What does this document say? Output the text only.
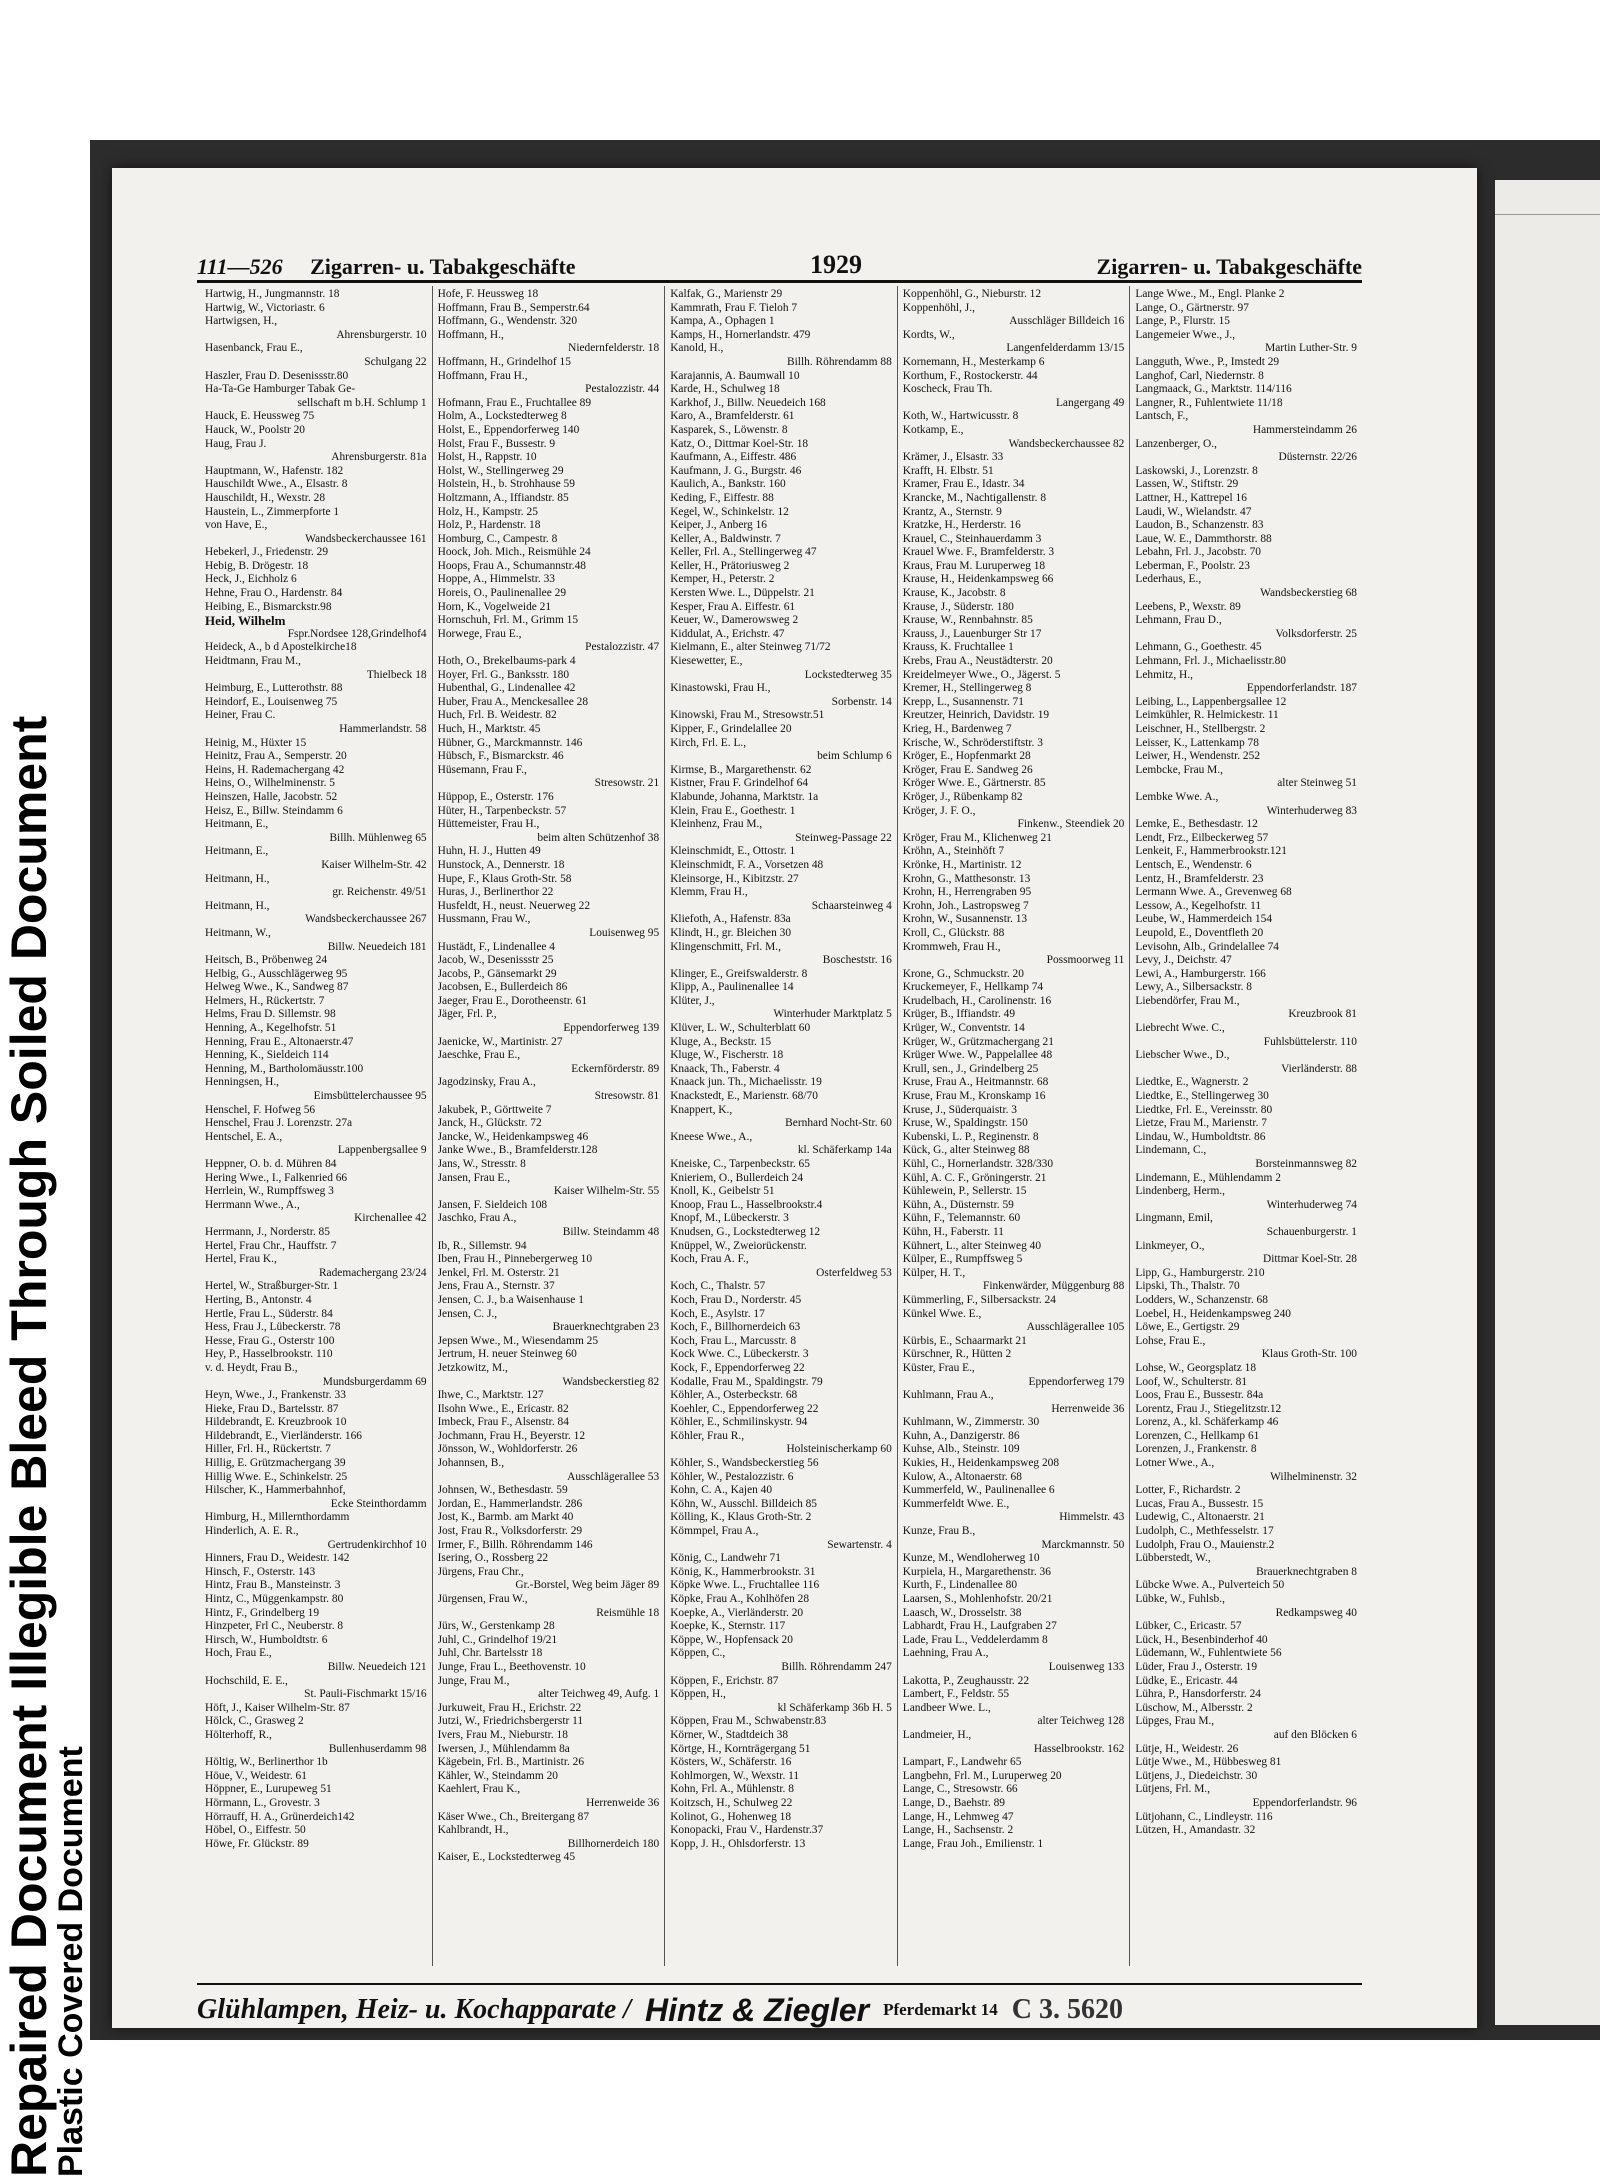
Repaired Document Illegible Bleed Through Soiled Document
Plastic Covered Document
111—526 Zigarren- u. Tabakgeschäfte	1929	Zigarren- u. Tabakgeschäfte
Hartwig, H., Jungmannstr. 18
Hartwig, W., Victoriastr. 6
Hartwigsen, H.,
Ahrensburgerstr. 10
Hasenbanck, Frau E.,
Schulgang 22
Haszler, Frau D. Desenissstr.80
Ha-Ta-Ge Hamburger Tabak Ge-
sellschaft m b.H. Schlump 1
Hauck, E. Heussweg 75
Hauck, W., Poolstr 20
Haug, Frau J.
Ahrensburgerstr. 81a
Hauptmann, W., Hafenstr. 182
Hauschildt Wwe., A., Elsastr. 8
Hauschildt, H., Wexstr. 28
Haustein, L., Zimmerpforte 1
von Have, E.,
Wandsbeckerchaussee 161
Hebekerl, J., Friedenstr. 29
Hebig, B. Drögestr. 18
Heck, J., Eichholz 6
Hehne, Frau O., Hardenstr. 84
Heibing, E., Bismarckstr.98
Heid, Wilhelm
Fspr.Nordsee 128,Grindelhof4
Heideck, A., b d Apostelkirche18
Heidtmann, Frau M.,
Thielbeck 18
Heimburg, E., Lutterothstr. 88
Heindorf, E., Louisenweg 75
Heiner, Frau C.
Hammerlandstr. 58
Heinig, M., Hüxter 15
Heinitz, Frau A., Semperstr. 20
Heins, H. Rademachergang 42
Heins, O., Wilhelminenstr. 5
Heinszen, Halle, Jacobstr. 52
Heisz, E., Billw. Steindamm 6
Heitmann, E.,
Billh. Mühlenweg 65
Heitmann, E.,
Kaiser Wilhelm-Str. 42
Heitmann, H.,
gr. Reichenstr. 49/51
Heitmann, H.,
Wandsbeckerchaussee 267
Heitmann, W.,
Billw. Neuedeich 181
Heitsch, B., Pröbenweg 24
Helbig, G., Ausschlägerweg 95
Helweg Wwe., K., Sandweg 87
Helmers, H., Rückertstr. 7
Helms, Frau D. Sillemstr. 98
Henning, A., Kegelhofstr. 51
Henning, Frau E., Altonaerstr.47
Henning, K., Sieldeich 114
Henning, M., Bartholomäusstr.100
Henningsen, H.,
Eimsbüttelerchaussee 95
Henschel, F. Hofweg 56
Henschel, Frau J. Lorenzstr. 27a
Hentschel, E. A.,
Lappenbergsallee 9
Heppner, O. b. d. Mühren 84
Hering Wwe., I., Falkenried 66
Herrlein, W., Rumpffsweg 3
Herrmann Wwe., A.,
Kirchenallee 42
Herrmann, J., Norderstr. 85
Hertel, Frau Chr., Hauffstr. 7
Hertel, Frau K.,
Rademachergang 23/24
Hertel, W., Straßburger-Str. 1
Herting, B., Antonstr. 4
Hertle, Frau L., Süderstr. 84
Hess, Frau J., Lübeckerstr. 78
Hesse, Frau G., Osterstr 100
Hey, P., Hasselbrookstr. 110
v. d. Heydt, Frau B.,
Mundsburgerdamm 69
Heyn, Wwe., J., Frankenstr. 33
Hieke, Frau D., Bartelsstr. 87
Hildebrandt, E. Kreuzbrook 10
Hildebrandt, E., Vierländerstr. 166
Hiller, Frl. H., Rückertstr. 7
Hillig, E. Grützmachergang 39
Hillig Wwe. E., Schinkelstr. 25
Hilscher, K., Hammerbahnhof,
Ecke Steinthordamm
Himburg, H., Millernthordamm
Hinderlich, A. E. R.,
Gertrudenkirchhof 10
Hinners, Frau D., Weidestr. 142
Hinsch, F., Osterstr. 143
Hintz, Frau B., Mansteinstr. 3
Hintz, C., Müggenkampstr. 80
Hintz, F., Grindelberg 19
Hinzpeter, Frl C., Neuberstr. 8
Hirsch, W., Humboldtstr. 6
Hoch, Frau E.,
Billw. Neuedeich 121
Hochschild, E. E.,
St. Pauli-Fischmarkt 15/16
Höft, J., Kaiser Wilhelm-Str. 87
Hölck, C., Grasweg 2
Hölterhoff, R.,
Bullenhuserdamm 98
Höltig, W., Berlinerthor 1b
Höue, V., Weidestr. 61
Höppner, E., Lurupeweg 51
Hörmann, L., Grovestr. 3
Hörrauff, H. A., Grünerdeich142
Höbel, O., Eiffestr. 50
Höwe, Fr. Glückstr. 89
Hofe, F. Heussweg 18
Hoffmann, Frau B., Semperstr.64
Hoffmann, G., Wendenstr. 320
Hoffmann, H.,
Niedernfelderstr. 18
Hoffmann, H., Grindelhof 15
Hoffmann, Frau H.,
Pestalozzistr. 44
Hofmann, Frau E., Fruchtallee 89
Holm, A., Lockstedterweg 8
Holst, E., Eppendorferweg 140
Holst, Frau F., Bussestr. 9
Holst, H., Rappstr. 10
Holst, W., Stellingerweg 29
Holstein, H., b. Strohhause 59
Holtzmann, A., Iffiandstr. 85
Holz, H., Kampstr. 25
Holz, P., Hardenstr. 18
Homburg, C., Campestr. 8
Hoock, Joh. Mich., Reismühle 24
Hoops, Frau A., Schumannstr.48
Hoppe, A., Himmelstr. 33
Horeis, O., Paulinenallee 29
Horn, K., Vogelweide 21
Hornschuh, Frl. M., Grimm 15
Horwege, Frau E.,
Pestalozzistr. 47
Hoth, O., Brekelbaums-park 4
Hoyer, Frl. G., Banksstr. 180
Hubenthal, G., Lindenallee 42
Huber, Frau A., Menckesallee 28
Huch, Frl. B. Weidestr. 82
Huch, H., Marktstr. 45
Hübner, G., Marckmannstr. 146
Hübsch, F., Bismarckstr. 46
Hüsemann, Frau F.,
Stresowstr. 21
Hüppop, E., Osterstr. 176
Hüter, H., Tarpenbeckstr. 57
Hüttemeister, Frau H.,
beim alten Schützenhof 38
Huhn, H. J., Hutten 49
Hunstock, A., Dennerstr. 18
Hupe, F., Klaus Groth-Str. 58
Huras, J., Berlinerthor 22
Husfeldt, H., neust. Neuerweg 22
Hussmann, Frau W.,
Louisenweg 95
Hustädt, F., Lindenallee 4
Jacob, W., Desenissstr 25
Jacobs, P., Gänsemarkt 29
Jacobsen, E., Bullerdeich 86
Jaeger, Frau E., Dorotheenstr. 61
Jäger, Frl. P.,
Eppendorferweg 139
Jaenicke, W., Martinistr. 27
Jaeschke, Frau E.,
Eckernförderstr. 89
Jagodzinsky, Frau A.,
Stresowstr. 81
Jakubek, P., Görttweite 7
Janck, H., Glückstr. 72
Jancke, W., Heidenkampsweg 46
Janke Wwe., B., Bramfelderstr.128
Jans, W., Stresstr. 8
Jansen, Frau E.,
Kaiser Wilhelm-Str. 55
Jansen, F. Sieldeich 108
Jaschko, Frau A.,
Billw. Steindamm 48
Ib, R., Sillemstr. 94
Iben, Frau H., Pinnebergerweg 10
Jenkel, Frl. M. Osterstr. 21
Jens, Frau A., Sternstr. 37
Jensen, C. J., b.a Waisenhause 1
Jensen, C. J.,
Brauerknechtgraben 23
Jepsen Wwe., M., Wiesendamm 25
Jertrum, H. neuer Steinweg 60
Jetzkowitz, M.,
Wandsbeckerstieg 82
Ihwe, C., Marktstr. 127
Ilsohn Wwe., E., Ericastr. 82
Imbeck, Frau F., Alsenstr. 84
Jochmann, Frau H., Beyerstr. 12
Jönsson, W., Wohldorferstr. 26
Johannsen, B.,
Ausschlägerallee 53
Johnsen, W., Bethesdastr. 59
Jordan, E., Hammerlandstr. 286
Jost, K., Barmb. am Markt 40
Jost, Frau R., Volksdorferstr. 29
Irmer, F., Billh. Röhrendamm 146
Isering, O., Rossberg 22
Jürgens, Frau Chr.,
Gr.-Borstel, Weg beim Jäger 89
Jürgensen, Frau W.,
Reismühle 18
Jürs, W., Gerstenkamp 28
Juhl, C., Grindelhof 19/21
Juhl, Chr. Bartelsstr 18
Junge, Frau L., Beethovenstr. 10
Junge, Frau M.,
alter Teichweg 49, Aufg. 1
Jurkuweit, Frau H., Erichstr. 22
Jutzi, W., Friedrichsbergerstr 11
Ivers, Frau M., Nieburstr. 18
Iwersen, J., Mühlendamm 8a
Kägebein, Frl. B., Martinistr. 26
Kähler, W., Steindamm 20
Kaehlert, Frau K.,
Herrenweide 36
Käser Wwe., Ch., Breitergang 87
Kahlbrandt, H.,
Billhornerdeich 180
Kaiser, E., Lockstedterweg 45
Kalfak, G., Marienstr 29
Kammrath, Frau F. Tieloh 7
Kampa, A., Ophagen 1
Kamps, H., Hornerlandstr. 479
Kanold, H.,
Billh. Röhrendamm 88
Karajannis, A. Baumwall 10
Karde, H., Schulweg 18
Karkhof, J., Billw. Neuedeich 168
Karo, A., Bramfelderstr. 61
Kasparek, S., Löwenstr. 8
Katz, O., Dittmar Koel-Str. 18
Kaufmann, A., Eiffestr. 486
Kaufmann, J. G., Burgstr. 46
Kaulich, A., Bankstr. 160
Keding, F., Eiffestr. 88
Kegel, W., Schinkelstr. 12
Keiper, J., Anberg 16
Keller, A., Baldwinstr. 7
Keller, Frl. A., Stellingerweg 47
Keller, H., Prätoriusweg 2
Kemper, H., Peterstr. 2
Kersten Wwe. L., Düppelstr. 21
Kesper, Frau A. Eiffestr. 61
Keuer, W., Damerowsweg 2
Kiddulat, A., Erichstr. 47
Kielmann, E., alter Steinweg 71/72
Kiesewetter, E.,
Lockstedterweg 35
Kinastowski, Frau H.,
Sorbenstr. 14
Kinowski, Frau M., Stresowstr.51
Kipper, F., Grindelallee 20
Kirch, Frl. E. L.,
beim Schlump 6
Kirmse, B., Margarethenstr. 62
Kistner, Frau F. Grindelhof 64
Klabunde, Johanna, Marktstr. 1a
Klein, Frau E., Goethestr. 1
Kleinhenz, Frau M.,
Steinweg-Passage 22
Kleinschmidt, E., Ottostr. 1
Kleinschmidt, F. A., Vorsetzen 48
Kleinsorge, H., Kibitzstr. 27
Klemm, Frau H.,
Schaarsteinweg 4
Kliefoth, A., Hafenstr. 83a
Klindt, H., gr. Bleichen 30
Klingenschmitt, Frl. M.,
Boscheststr. 16
Klinger, E., Greifswalderstr. 8
Klipp, A., Paulinenallee 14
Klüter, J.,
Winterhuder Marktplatz 5
Klüver, L. W., Schulterblatt 60
Kluge, A., Beckstr. 15
Kluge, W., Fischerstr. 18
Knaack, Th., Faberstr. 4
Knaack jun. Th., Michaelisstr. 19
Knackstedt, E., Marienstr. 68/70
Knappert, K.,
Bernhard Nocht-Str. 60
Kneese Wwe., A.,
kl. Schäferkamp 14a
Kneiske, C., Tarpenbeckstr. 65
Knieriem, O., Bullerdeich 24
Knoll, K., Geibelstr 51
Knoop, Frau L., Hasselbrookstr.4
Knopf, M., Lübeckerstr. 3
Knudsen, G., Lockstedterweg 12
Knüppel, W., Zweiorückenstr.
Koch, Frau A. F.,
Osterfeldweg 53
Koch, C., Thalstr. 57
Koch, Frau D., Norderstr. 45
Koch, E., Asylstr. 17
Koch, F., Billhornerdeich 63
Koch, Frau L., Marcusstr. 8
Kock Wwe. C., Lübeckerstr. 3
Kock, F., Eppendorferweg 22
Kodalle, Frau M., Spaldingstr. 79
Köhler, A., Osterbeckstr. 68
Koehler, C., Eppendorferweg 22
Köhler, E., Schmilinskystr. 94
Köhler, Frau R.,
Holsteinischerkamp 60
Köhler, S., Wandsbeckerstieg 56
Köhler, W., Pestalozzistr. 6
Kohn, C. A., Kajen 40
Köhn, W., Ausschl. Billdeich 85
Kölling, K., Klaus Groth-Str. 2
Kömmpel, Frau A.,
Sewartenstr. 4
König, C., Landwehr 71
König, K., Hammerbrookstr. 31
Köpke Wwe. L., Fruchtallee 116
Köpke, Frau A., Kohlhöfen 28
Koepke, A., Vierländerstr. 20
Koepke, K., Sternstr. 117
Köppe, W., Hopfensack 20
Köppen, C.,
Billh. Röhrendamm 247
Köppen, F., Erichstr. 87
Köppen, H.,
kl Schäferkamp 36b H. 5
Köppen, Frau M., Schwabenstr.83
Körner, W., Stadtdeich 38
Körtge, H., Kornträgergang 51
Kösters, W., Schäferstr. 16
Kohlmorgen, W., Wexstr. 11
Kohn, Frl. A., Mühlenstr. 8
Koitzsch, H., Schulweg 22
Kolinot, G., Hohenweg 18
Konopacki, Frau V., Hardenstr.37
Kopp, J. H., Ohlsdorferstr. 13
Koppenhöhl, G., Nieburstr. 12
Koppenhöhl, J.,
Ausschläger Billdeich 16
Kordts, W.,
Langenfelderdamm 13/15
Kornemann, H., Mesterkamp 6
Korthum, F., Rostockerstr. 44
Koscheck, Frau Th.
Langergang 49
Koth, W., Hartwicusstr. 8
Kotkamp, E.,
Wandsbeckerchaussee 82
Krämer, J., Elsastr. 33
Krafft, H. Elbstr. 51
Kramer, Frau E., Idastr. 34
Krancke, M., Nachtigallenstr. 8
Krantz, A., Sternstr. 9
Kratzke, H., Herderstr. 16
Krauel, C., Steinhauerdamm 3
Krauel Wwe. F., Bramfelderstr. 3
Kraus, Frau M. Luruperweg 18
Krause, H., Heidenkampsweg 66
Krause, K., Jacobstr. 8
Krause, J., Süderstr. 180
Krause, W., Rennbahnstr. 85
Krauss, J., Lauenburger Str 17
Krauss, K. Fruchtallee 1
Krebs, Frau A., Neustädterstr. 20
Kreidelmeyer Wwe., O., Jägerst. 5
Kremer, H., Stellingerweg 8
Krepp, L., Susannenstr. 71
Kreutzer, Heinrich, Davidstr. 19
Krieg, H., Bardenweg 7
Krische, W., Schröderstiftstr. 3
Kröger, E., Hopfenmarkt 28
Kröger, Frau E. Sandweg 26
Kröger Wwe. E., Gärtnerstr. 85
Kröger, J., Rübenkamp 82
Kröger, J. F. O.,
Finkenw., Steendiek 20
Kröger, Frau M., Klichenweg 21
Kröhn, A., Steinhöft 7
Krönke, H., Martinistr. 12
Krohn, G., Matthesonstr. 13
Krohn, H., Herrengraben 95
Krohn, Joh., Lastropsweg 7
Krohn, W., Susannenstr. 13
Kroll, C., Glückstr. 88
Krommweh, Frau H.,
Possmoorweg 11
Krone, G., Schmuckstr. 20
Kruckemeyer, F., Hellkamp 74
Krudelbach, H., Carolinenstr. 16
Krüger, B., Iffiandstr. 49
Krüger, W., Conventstr. 14
Krüger, W., Grützmachergang 21
Krüger Wwe. W., Pappelallee 48
Krull, sen., J., Grindelberg 25
Kruse, Frau A., Heitmannstr. 68
Kruse, Frau M., Kronskamp 16
Kruse, J., Süderquaistr. 3
Kruse, W., Spaldingstr. 150
Kubenski, L. P., Reginenstr. 8
Kück, G., alter Steinweg 88
Kühl, C., Hornerlandstr. 328/330
Kühl, A. C. F., Gröningerstr. 21
Kühlewein, P., Sellerstr. 15
Kühn, A., Düsternstr. 59
Kühn, F., Telemannstr. 60
Kühn, H., Faberstr. 11
Kühnert, L., alter Steinweg 40
Külper, E., Rumpffsweg 5
Külper, H. T.,
Finkenwärder, Müggenburg 88
Kümmerling, F., Silbersackstr. 24
Künkel Wwe. E.,
Ausschlägerallee 105
Kürbis, E., Schaarmarkt 21
Kürschner, R., Hütten 2
Küster, Frau E.,
Eppendorferweg 179
Kuhlmann, Frau A.,
Herrenweide 36
Kuhlmann, W., Zimmerstr. 30
Kuhn, A., Danzigerstr. 86
Kuhse, Alb., Steinstr. 109
Kukies, H., Heidenkampsweg 208
Kulow, A., Altonaerstr. 68
Kummerfeld, W., Paulinenallee 6
Kummerfeldt Wwe. E.,
Himmelstr. 43
Kunze, Frau B.,
Marckmannstr. 50
Kunze, M., Wendloherweg 10
Kurpiela, H., Margarethenstr. 36
Kurth, F., Lindenallee 80
Laarsen, S., Mohlenhofstr. 20/21
Laasch, W., Drosselstr. 38
Labhardt, Frau H., Laufgraben 27
Lade, Frau L., Veddelerdamm 8
Laehning, Frau A.,
Louisenweg 133
Lakotta, P., Zeughausstr. 22
Lambert, F., Feldstr. 55
Landbeer Wwe. L.,
alter Teichweg 128
Landmeier, H.,
Hasselbrookstr. 162
Lampart, F., Landwehr 65
Langbehn, Frl. M., Luruperweg 20
Lange, C., Stresowstr. 66
Lange, D., Baehstr. 89
Lange, H., Lehmweg 47
Lange, H., Sachsenstr. 2
Lange, Frau Joh., Emilienstr. 1
Lange Wwe., M., Engl. Planke 2
Lange, O., Gärtnerstr. 97
Lange, P., Flurstr. 15
Langemeier Wwe., J.,
Martin Luther-Str. 9
Langguth, Wwe., P., Imstedt 29
Langhof, Carl, Niedernstr. 8
Langmaack, G., Marktstr. 114/116
Langner, R., Fuhlentwiete 11/18
Lantsch, F.,
Hammersteindamm 26
Lanzenberger, O.,
Düsternstr. 22/26
Laskowski, J., Lorenzstr. 8
Lassen, W., Stiftstr. 29
Lattner, H., Kattrepel 16
Laudi, W., Wielandstr. 47
Laudon, B., Schanzenstr. 83
Laue, W. E., Dammthorstr. 88
Lebahn, Frl. J., Jacobstr. 70
Leberman, F., Poolstr. 23
Lederhaus, E.,
Wandsbeckerstieg 68
Leebens, P., Wexstr. 89
Lehmann, Frau D.,
Volksdorferstr. 25
Lehmann, G., Goethestr. 45
Lehmann, Frl. J., Michaelisstr.80
Lehmitz, H.,
Eppendorferlandstr. 187
Leibing, L., Lappenbergsallee 12
Leimkühler, R. Helmickestr. 11
Leischner, H., Stellbergstr. 2
Leisser, K., Lattenkamp 78
Leiwer, H., Wendenstr. 252
Lembcke, Frau M.,
alter Steinweg 51
Lembke Wwe. A.,
Winterhuderweg 83
Lemke, E., Bethesdastr. 12
Lendt, Frz., Eilbeckerweg 57
Lenkeit, F., Hammerbrookstr.121
Lentsch, E., Wendenstr. 6
Lentz, H., Bramfelderstr. 23
Lermann Wwe. A., Grevenweg 68
Lessow, A., Kegelhofstr. 11
Leube, W., Hammerdeich 154
Leupold, E., Doventfleth 20
Levisohn, Alb., Grindelallee 74
Levy, J., Deichstr. 47
Lewi, A., Hamburgerstr. 166
Lewy, A., Silbersackstr. 8
Liebendörfer, Frau M.,
Kreuzbrook 81
Liebrecht Wwe. C.,
Fuhlsbüttelerstr. 110
Liebscher Wwe., D.,
Vierländerstr. 88
Liedtke, E., Wagnerstr. 2
Liedtke, E., Stellingerweg 30
Liedtke, Frl. E., Vereinsstr. 80
Lietze, Frau M., Marienstr. 7
Lindau, W., Humboldtstr. 86
Lindemann, C.,
Borsteinmannsweg 82
Lindemann, E., Mühlendamm 2
Lindenberg, Herm.,
Winterhuderweg 74
Lingmann, Emil,
Schauenburgerstr. 1
Linkmeyer, O.,
Dittmar Koel-Str. 28
Lipp, G., Hamburgerstr. 210
Lipski, Th., Thalstr. 70
Lodders, W., Schanzenstr. 68
Loebel, H., Heidenkampsweg 240
Löwe, E., Gertigstr. 29
Lohse, Frau E.,
Klaus Groth-Str. 100
Lohse, W., Georgsplatz 18
Loof, W., Schulterstr. 81
Loos, Frau E., Bussestr. 84a
Lorentz, Frau J., Stiegelitzstr.12
Lorenz, A., kl. Schäferkamp 46
Lorenzen, C., Hellkamp 61
Lorenzen, J., Frankenstr. 8
Lotner Wwe., A.,
Wilhelminenstr. 32
Lotter, F., Richardstr. 2
Lucas, Frau A., Bussestr. 15
Ludewig, C., Altonaerstr. 21
Ludolph, C., Methfesselstr. 17
Ludolph, Frau O., Mauienstr.2
Lübberstedt, W.,
Brauerknechtgraben 8
Lübcke Wwe. A., Pulverteich 50
Lübke, W., Fuhlsb.,
Redkampsweg 40
Lübker, C., Ericastr. 57
Lück, H., Besenbinderhof 40
Lüdemann, W., Fuhlentwiete 56
Lüder, Frau J., Osterstr. 19
Lüdke, E., Ericastr. 44
Lühra, P., Hansdorferstr. 24
Lüschow, M., Albersstr. 2
Lüpges, Frau M.,
auf den Blöcken 6
Lütje, H., Weidestr. 26
Lütje Wwe., M., Hübbesweg 81
Lütjens, J., Diedeichstr. 30
Lütjens, Frl. M.,
Eppendorferlandstr. 96
Lütjohann, C., Lindleystr. 116
Lützen, H., Amandastr. 32
Glühlampen, Heiz- u. Kochapparate / Hintz & Ziegler Pferdemarkt 14 C 3. 5620
